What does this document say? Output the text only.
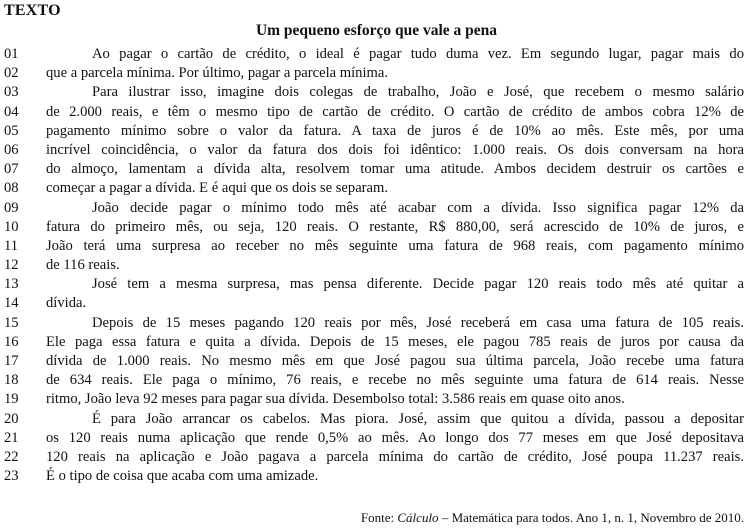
TEXTO
Um pequeno esforço que vale a pena
01	Ao pagar o cartão de crédito, o ideal é pagar tudo duma vez. Em segundo lugar, pagar mais do
02	que a parcela mínima. Por último, pagar a parcela mínima.
03	Para ilustrar isso, imagine dois colegas de trabalho, João e José, que recebem o mesmo salário
04	de 2.000 reais, e têm o mesmo tipo de cartão de crédito. O cartão de crédito de ambos cobra 12% de
05	pagamento mínimo sobre o valor da fatura. A taxa de juros é de 10% ao mês. Este mês, por uma
06	incrível coincidência, o valor da fatura dos dois foi idêntico: 1.000 reais. Os dois conversam na hora
07	do almoço, lamentam a dívida alta, resolvem tomar uma atitude. Ambos decidem destruir os cartões e
08	começar a pagar a dívida. E é aqui que os dois se separam.
09	João decide pagar o mínimo todo mês até acabar com a dívida. Isso significa pagar 12% da
10	fatura do primeiro mês, ou seja, 120 reais. O restante, R$ 880,00, será acrescido de 10% de juros, e
11	João terá uma surpresa ao receber no mês seguinte uma fatura de 968 reais, com pagamento mínimo
12	de 116 reais.
13	José tem a mesma surpresa, mas pensa diferente. Decide pagar 120 reais todo mês até quitar a
14	dívida.
15	Depois de 15 meses pagando 120 reais por mês, José receberá em casa uma fatura de 105 reais.
16	Ele paga essa fatura e quita a dívida. Depois de 15 meses, ele pagou 785 reais de juros por causa da
17	dívida de 1.000 reais. No mesmo mês em que José pagou sua última parcela, João recebe uma fatura
18	de 634 reais. Ele paga o mínimo, 76 reais, e recebe no mês seguinte uma fatura de 614 reais. Nesse
19	ritmo, João leva 92 meses para pagar sua dívida. Desembolso total: 3.586 reais em quase oito anos.
20	É para João arrancar os cabelos. Mas piora. José, assim que quitou a dívida, passou a depositar
21	os 120 reais numa aplicação que rende 0,5% ao mês. Ao longo dos 77 meses em que José depositava
22	120 reais na aplicação e João pagava a parcela mínima do cartão de crédito, José poupa 11.237 reais.
23	É o tipo de coisa que acaba com uma amizade.
Fonte: Cálculo – Matemática para todos. Ano 1, n. 1, Novembro de 2010.
